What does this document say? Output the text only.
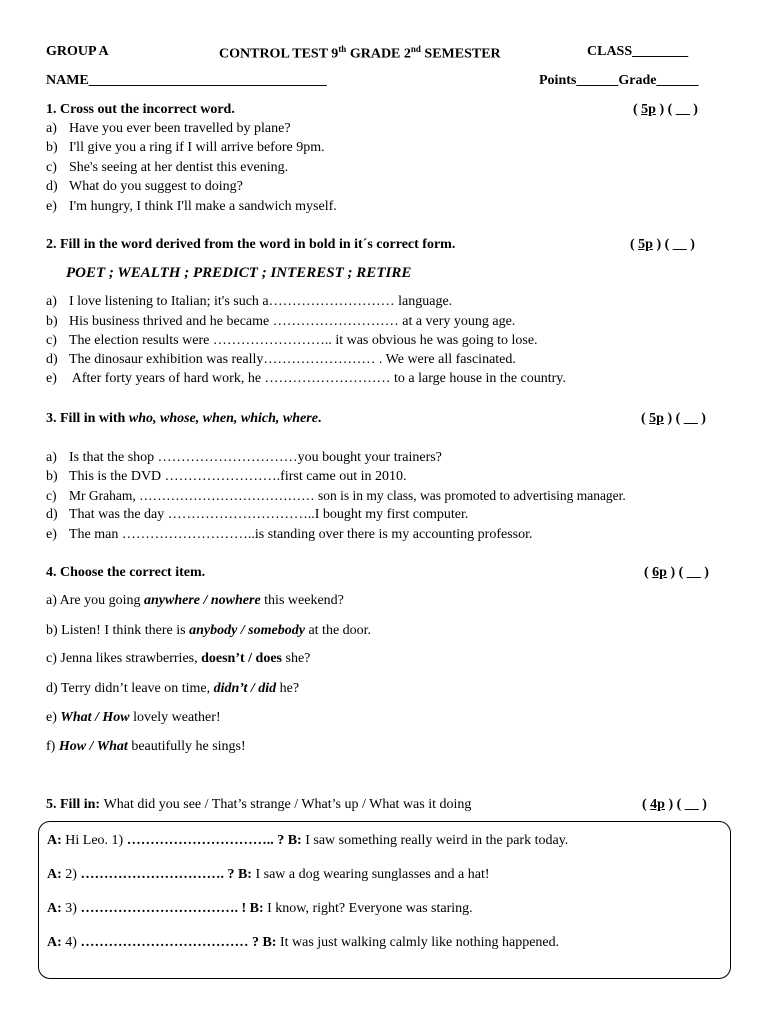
GROUP A	CONTROL TEST 9th GRADE 2nd SEMESTER	CLASS________
NAME__________________________________	Points______Grade______
1. Cross out the incorrect word.	( 5p ) ( __ )
a) Have you ever been travelled by plane?
b) I'll give you a ring if I will arrive before 9pm.
c) She's seeing at her dentist this evening.
d) What do you suggest to doing?
e) I'm hungry, I think I'll make a sandwich myself.
2. Fill in the word derived from the word in bold in it´s correct form.	( 5p ) ( __ )
POET ; WEALTH ; PREDICT ; INTEREST ; RETIRE
a) I love listening to Italian; it's such a……………………… language.
b) His business thrived and he became ……………………… at a very young age.
c) The election results were …………………….. it was obvious he was going to lose.
d) The dinosaur exhibition was really…………………… . We were all fascinated.
e) After forty years of hard work, he ……………………… to a large house in the country.
3. Fill in with who, whose, when, which, where.	( 5p ) ( __ )
a) Is that the shop …………………………you bought your trainers?
b) This is the DVD …………………….first came out in 2010.
c) Mr Graham, ………………………………… son is in my class, was promoted to advertising manager.
d) That was the day …………………………..I bought my first computer.
e) The man ………………………..is standing over there is my accounting professor.
4. Choose the correct item.	( 6p ) ( __ )
a) Are you going anywhere / nowhere this weekend?
b) Listen! I think there is anybody / somebody at the door.
c) Jenna likes strawberries, doesn’t / does she?
d) Terry didn’t leave on time, didn’t / did he?
e) What / How lovely weather!
f) How / What beautifully he sings!
5. Fill in: What did you see / That’s strange / What’s up / What was it doing	( 4p ) ( __ )
A: Hi Leo. 1) ………………………….. ? B: I saw something really weird in the park today.
A: 2) …………………………. ? B: I saw a dog wearing sunglasses and a hat!
A: 3) ……………………………. ! B: I know, right? Everyone was staring.
A: 4) ……………………………… ? B: It was just walking calmly like nothing happened.
